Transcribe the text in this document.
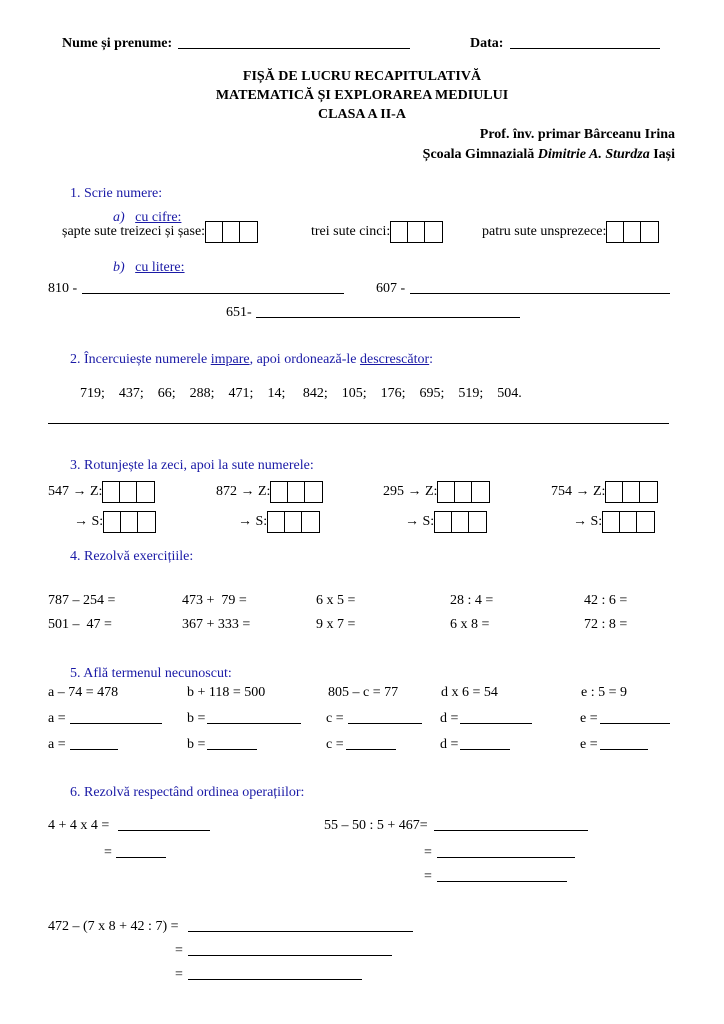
Nume și prenume:	Data:
FIȘĂ DE LUCRU RECAPITULATIVĂ
MATEMATICĂ ȘI EXPLORAREA MEDIULUI
CLASA A II-A
Prof. înv. primar Bârceanu Irina
Școala Gimnazială Dimitrie A. Sturdza Iași
1. Scrie numere:
a) cu cifre:
șapte sute treizeci și șase:	trei sute cinci:	patru sute unsprezece:
b) cu litere:
810 -	607 -
651-
2. Încercuiește numerele impare, apoi ordonează-le descrescător:
719;    437;    66;    288;    471;    14;     842;    105;    176;    695;    519;    504.
3. Rotunjește la zeci, apoi la sute numerele:
547 → Z:	872 → Z:	295 → Z:	754 → Z:
→ S:	→ S:	→ S:	→ S:
4. Rezolvă exercițiile:
787 – 254 =	473 +  79 =	6 x 5 =	28 : 4 =	42 : 6 =
501 –  47 =	367 + 333 =	9 x 7 =	6 x 8 =	72 : 8 =
5. Află termenul necunoscut:
a – 74 = 478	b + 118 = 500	805 – c = 77	d x 6 = 54	e : 5 = 9
a =	b =	c =	d =	e =
a =	b =	c =	d =	e =
6. Rezolvă respectând ordinea operațiilor:
4 + 4 x 4 =
=
55 – 50 : 5 + 467=
=
=
472 – (7 x 8 + 42 : 7) =
=
=
